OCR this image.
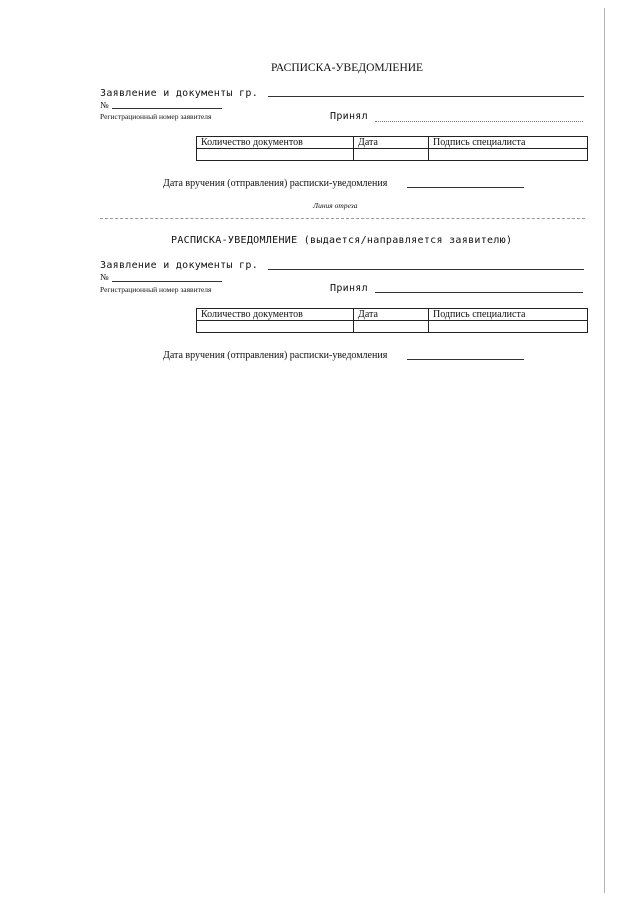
РАСПИСКА-УВЕДОМЛЕНИЕ
Заявление и документы гр.
№
Регистрационный номер заявителя	Принял
Количество документов	Дата	Подпись специалиста

Дата вручения (отправления) расписки-уведомления
Линия отреза
РАСПИСКА-УВЕДОМЛЕНИЕ (выдается/направляется заявителю)
Заявление и документы гр.
№
Регистрационный номер заявителя	Принял
Количество документов	Дата	Подпись специалиста

Дата вручения (отправления) расписки-уведомления
